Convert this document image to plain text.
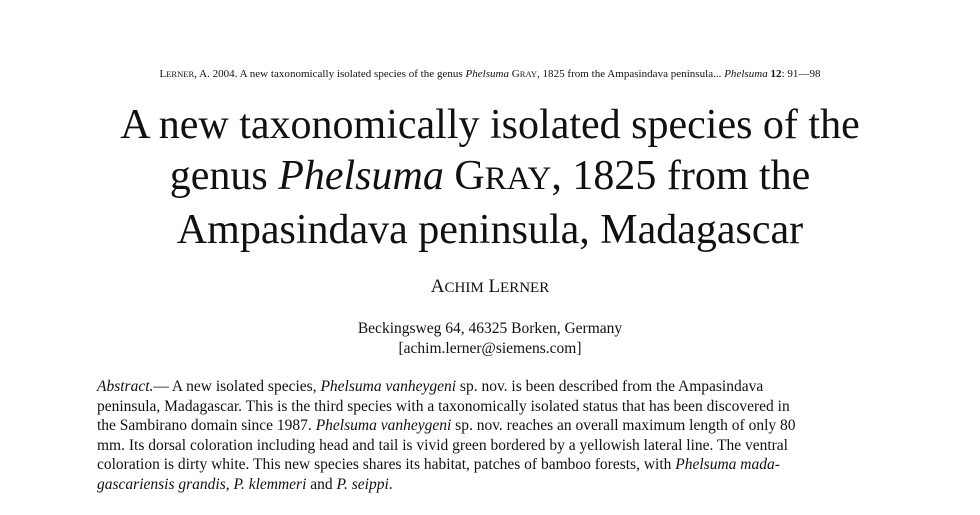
LERNER, A. 2004. A new taxonomically isolated species of the genus Phelsuma GRAY, 1825 from the Ampasindava peninsula... Phelsuma 12: 91—98
A new taxonomically isolated species of the
genus Phelsuma GRAY, 1825 from the
Ampasindava peninsula, Madagascar
ACHIM LERNER
Beckingsweg 64, 46325 Borken, Germany
[achim.lerner@siemens.com]
Abstract.— A new isolated species, Phelsuma vanheygeni sp. nov. is been described from the Ampasindava
peninsula, Madagascar. This is the third species with a taxonomically isolated status that has been discovered in
the Sambirano domain since 1987. Phelsuma vanheygeni sp. nov. reaches an overall maximum length of only 80
mm. Its dorsal coloration including head and tail is vivid green bordered by a yellowish lateral line. The ventral
coloration is dirty white. This new species shares its habitat, patches of bamboo forests, with Phelsuma mada-
gascariensis grandis, P. klemmeri and P. seippi.
